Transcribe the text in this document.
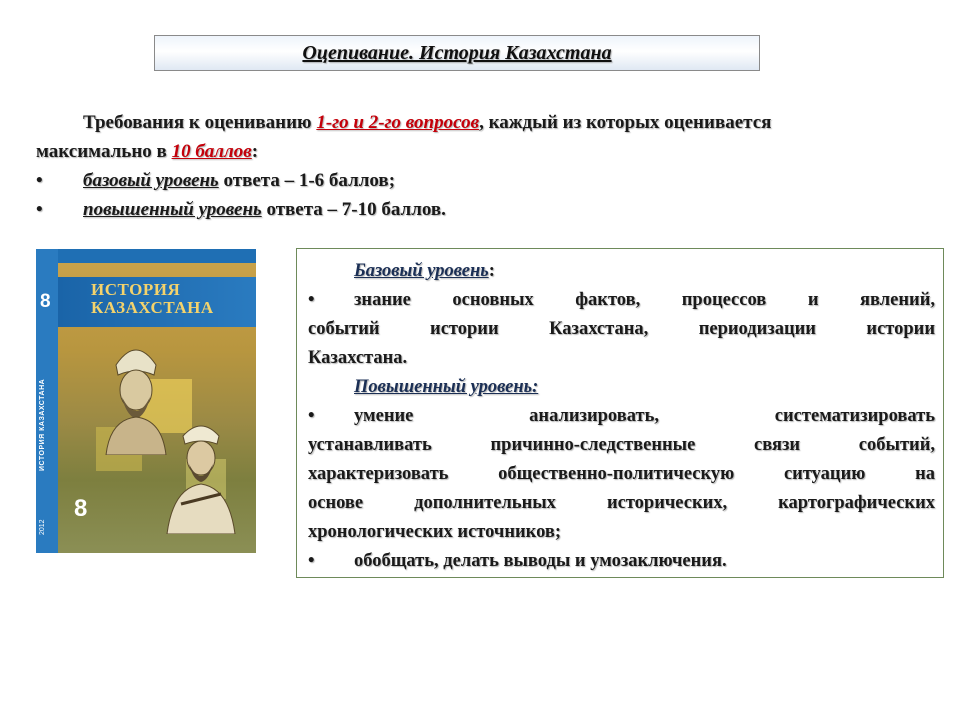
Оцепивание. История Казахстана
Требования к оцениванию 1-го и 2-го вопросов, каждый из которых оценивается
максимально в 10 баллов:
•	базовый уровень ответа – 1-6 баллов;
•	повышенный уровень ответа – 7-10 баллов.
8
ИСТОРИЯ
КАЗАХСТАНА
ИСТОРИЯ КАЗАХСТАНА
2012
8
Базовый уровень:
•	знание основных фактов, процессов и явлений,
событий истории Казахстана, периодизации истории
Казахстана.
Повышенный уровень:
•	умение анализировать, систематизировать
устанавливать причинно-следственные связи событий,
характеризовать общественно-политическую ситуацию на
основе дополнительных исторических, картографических
хронологических источников;
•	обобщать, делать выводы и умозаключения.
